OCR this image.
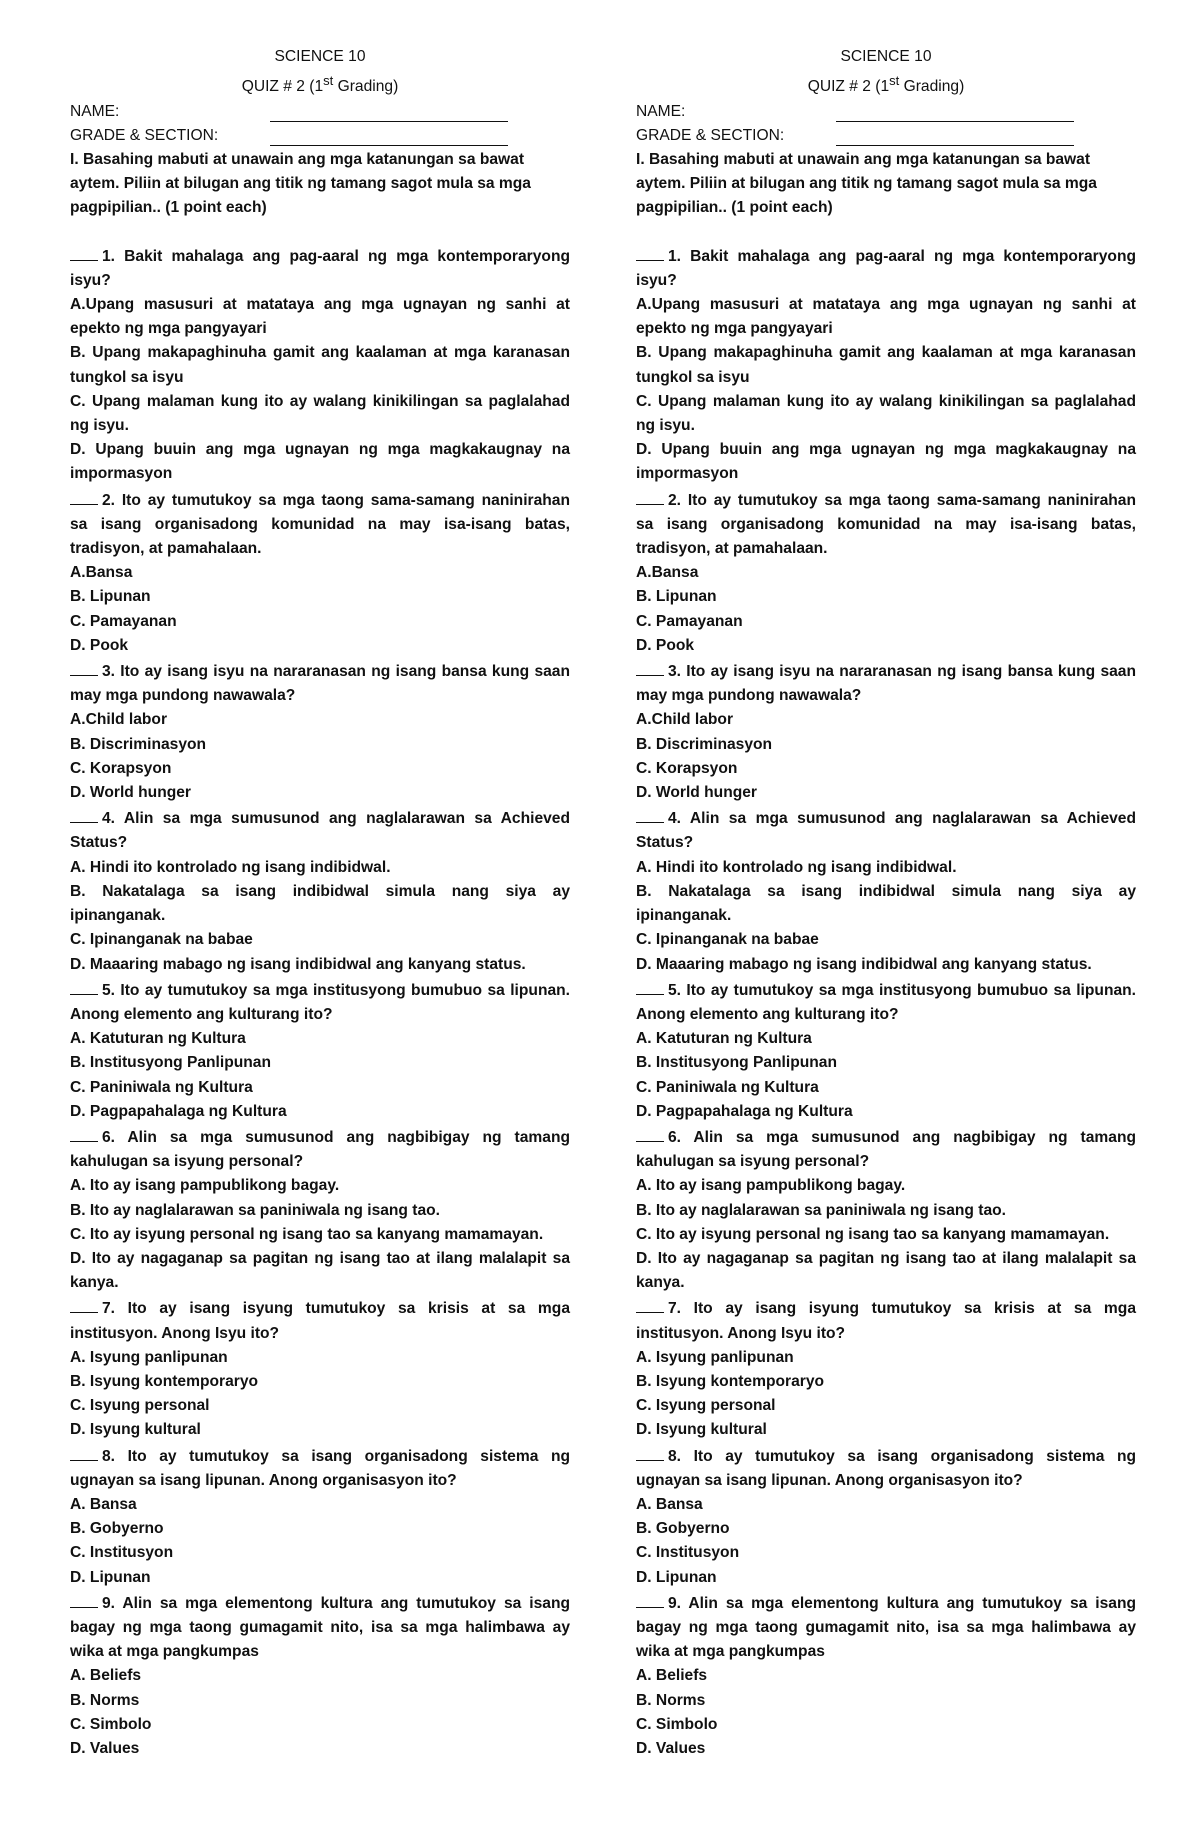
SCIENCE 10
QUIZ # 2 (1st Grading)
NAME:
GRADE & SECTION:
I. Basahing mabuti at unawain ang mga katanungan sa bawat aytem. Piliin at bilugan ang titik ng tamang sagot mula sa mga pagpipilian.. (1 point each)
1. Bakit mahalaga ang pag-aaral ng mga kontemporaryong isyu?
A.Upang masusuri at matataya ang mga ugnayan ng sanhi at epekto ng mga pangyayari
B. Upang makapaghinuha gamit ang kaalaman at mga karanasan tungkol sa isyu
C. Upang malaman kung ito ay walang kinikilingan sa paglalahad ng isyu.
D. Upang buuin ang mga ugnayan ng mga magkakaugnay na impormasyon
2. Ito ay tumutukoy sa mga taong sama-samang naninirahan sa isang organisadong komunidad na may isa-isang batas, tradisyon, at pamahalaan.
A.Bansa
B. Lipunan
C. Pamayanan
D. Pook
3. Ito ay isang isyu na nararanasan ng isang bansa kung saan may mga pundong nawawala?
A.Child labor
B. Discriminasyon
C. Korapsyon
D. World hunger
4. Alin sa mga sumusunod ang naglalarawan sa Achieved Status?
A. Hindi ito kontrolado ng isang indibidwal.
B. Nakatalaga sa isang indibidwal simula nang siya ay ipinanganak.
C. Ipinanganak na babae
D. Maaaring mabago ng isang indibidwal ang kanyang status.
5. Ito ay tumutukoy sa mga institusyong bumubuo sa lipunan. Anong elemento ang kulturang ito?
A. Katuturan ng Kultura
B. Institusyong Panlipunan
C. Paniniwala ng Kultura
D. Pagpapahalaga ng Kultura
6. Alin sa mga sumusunod ang nagbibigay ng tamang kahulugan sa isyung personal?
A. Ito ay isang pampublikong bagay.
B. Ito ay naglalarawan sa paniniwala ng isang tao.
C. Ito ay isyung personal ng isang tao sa kanyang mamamayan.
D. Ito ay nagaganap sa pagitan ng isang tao at ilang malalapit sa kanya.
7. Ito ay isang isyung tumutukoy sa krisis at sa mga institusyon. Anong Isyu ito?
A. Isyung panlipunan
B. Isyung kontemporaryo
C. Isyung personal
D. Isyung kultural
8. Ito ay tumutukoy sa isang organisadong sistema ng ugnayan sa isang lipunan. Anong organisasyon ito?
A. Bansa
B. Gobyerno
C. Institusyon
D. Lipunan
9. Alin sa mga elementong kultura ang tumutukoy sa isang bagay ng mga taong gumagamit nito, isa sa mga halimbawa ay wika at mga pangkumpas
A. Beliefs
B. Norms
C. Simbolo
D. Values
SCIENCE 10
QUIZ # 2 (1st Grading)
NAME:
GRADE & SECTION:
I. Basahing mabuti at unawain ang mga katanungan sa bawat aytem. Piliin at bilugan ang titik ng tamang sagot mula sa mga pagpipilian.. (1 point each)
1. Bakit mahalaga ang pag-aaral ng mga kontemporaryong isyu?
A.Upang masusuri at matataya ang mga ugnayan ng sanhi at epekto ng mga pangyayari
B. Upang makapaghinuha gamit ang kaalaman at mga karanasan tungkol sa isyu
C. Upang malaman kung ito ay walang kinikilingan sa paglalahad ng isyu.
D. Upang buuin ang mga ugnayan ng mga magkakaugnay na impormasyon
2. Ito ay tumutukoy sa mga taong sama-samang naninirahan sa isang organisadong komunidad na may isa-isang batas, tradisyon, at pamahalaan.
A.Bansa
B. Lipunan
C. Pamayanan
D. Pook
3. Ito ay isang isyu na nararanasan ng isang bansa kung saan may mga pundong nawawala?
A.Child labor
B. Discriminasyon
C. Korapsyon
D. World hunger
4. Alin sa mga sumusunod ang naglalarawan sa Achieved Status?
A. Hindi ito kontrolado ng isang indibidwal.
B. Nakatalaga sa isang indibidwal simula nang siya ay ipinanganak.
C. Ipinanganak na babae
D. Maaaring mabago ng isang indibidwal ang kanyang status.
5. Ito ay tumutukoy sa mga institusyong bumubuo sa lipunan. Anong elemento ang kulturang ito?
A. Katuturan ng Kultura
B. Institusyong Panlipunan
C. Paniniwala ng Kultura
D. Pagpapahalaga ng Kultura
6. Alin sa mga sumusunod ang nagbibigay ng tamang kahulugan sa isyung personal?
A. Ito ay isang pampublikong bagay.
B. Ito ay naglalarawan sa paniniwala ng isang tao.
C. Ito ay isyung personal ng isang tao sa kanyang mamamayan.
D. Ito ay nagaganap sa pagitan ng isang tao at ilang malalapit sa kanya.
7. Ito ay isang isyung tumutukoy sa krisis at sa mga institusyon. Anong Isyu ito?
A. Isyung panlipunan
B. Isyung kontemporaryo
C. Isyung personal
D. Isyung kultural
8. Ito ay tumutukoy sa isang organisadong sistema ng ugnayan sa isang lipunan. Anong organisasyon ito?
A. Bansa
B. Gobyerno
C. Institusyon
D. Lipunan
9. Alin sa mga elementong kultura ang tumutukoy sa isang bagay ng mga taong gumagamit nito, isa sa mga halimbawa ay wika at mga pangkumpas
A. Beliefs
B. Norms
C. Simbolo
D. Values
